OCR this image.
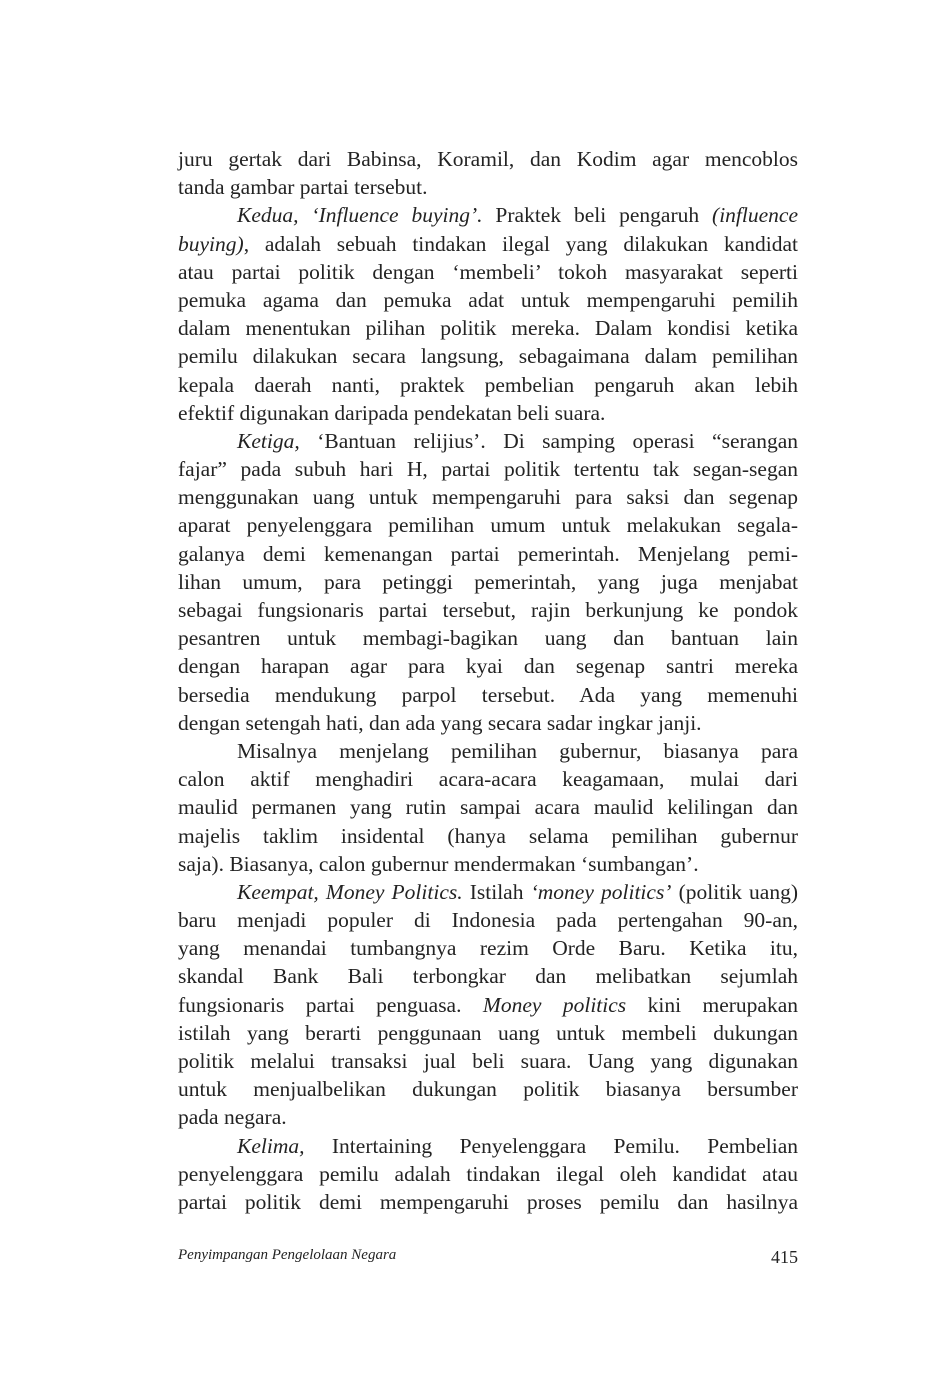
juru gertak dari Babinsa, Koramil, dan Kodim agar mencoblos
tanda gambar partai tersebut.
Kedua, ‘Influence buying’. Praktek beli pengaruh (influence
buying), adalah sebuah tindakan ilegal yang dilakukan kandidat
atau partai politik dengan ‘membeli’ tokoh masyarakat seperti
pemuka agama dan pemuka adat untuk mempengaruhi pemilih
dalam menentukan pilihan politik mereka. Dalam kondisi ketika
pemilu dilakukan secara langsung, sebagaimana dalam pemilihan
kepala daerah nanti, praktek pembelian pengaruh akan lebih
efektif digunakan daripada pendekatan beli suara.
Ketiga, ‘Bantuan relijius’. Di samping operasi “serangan
fajar” pada subuh hari H, partai politik tertentu tak segan-segan
menggunakan uang untuk mempengaruhi para saksi dan segenap
aparat penyelenggara pemilihan umum untuk melakukan segala-
galanya demi kemenangan partai pemerintah. Menjelang pemi-
lihan umum, para petinggi pemerintah, yang juga menjabat
sebagai fungsionaris partai tersebut, rajin berkunjung ke pondok
pesantren untuk membagi-bagikan uang dan bantuan lain
dengan harapan agar para kyai dan segenap santri mereka
bersedia mendukung parpol tersebut. Ada yang memenuhi
dengan setengah hati, dan ada yang secara sadar ingkar janji.
Misalnya menjelang pemilihan gubernur, biasanya para
calon aktif menghadiri acara-acara keagamaan, mulai dari
maulid permanen yang rutin sampai acara maulid kelilingan dan
majelis taklim insidental (hanya selama pemilihan gubernur
saja). Biasanya, calon gubernur mendermakan ‘sumbangan’.
Keempat, Money Politics. Istilah ‘money politics’ (politik uang)
baru menjadi populer di Indonesia pada pertengahan 90-an,
yang menandai tumbangnya rezim Orde Baru. Ketika itu,
skandal Bank Bali terbongkar dan melibatkan sejumlah
fungsionaris partai penguasa. Money politics kini merupakan
istilah yang berarti penggunaan uang untuk membeli dukungan
politik melalui transaksi jual beli suara. Uang yang digunakan
untuk menjualbelikan dukungan politik biasanya bersumber
pada negara.
Kelima, Intertaining Penyelenggara Pemilu. Pembelian
penyelenggara pemilu adalah tindakan ilegal oleh kandidat atau
partai politik demi mempengaruhi proses pemilu dan hasilnya
Penyimpangan Pengelolaan Negara	415
